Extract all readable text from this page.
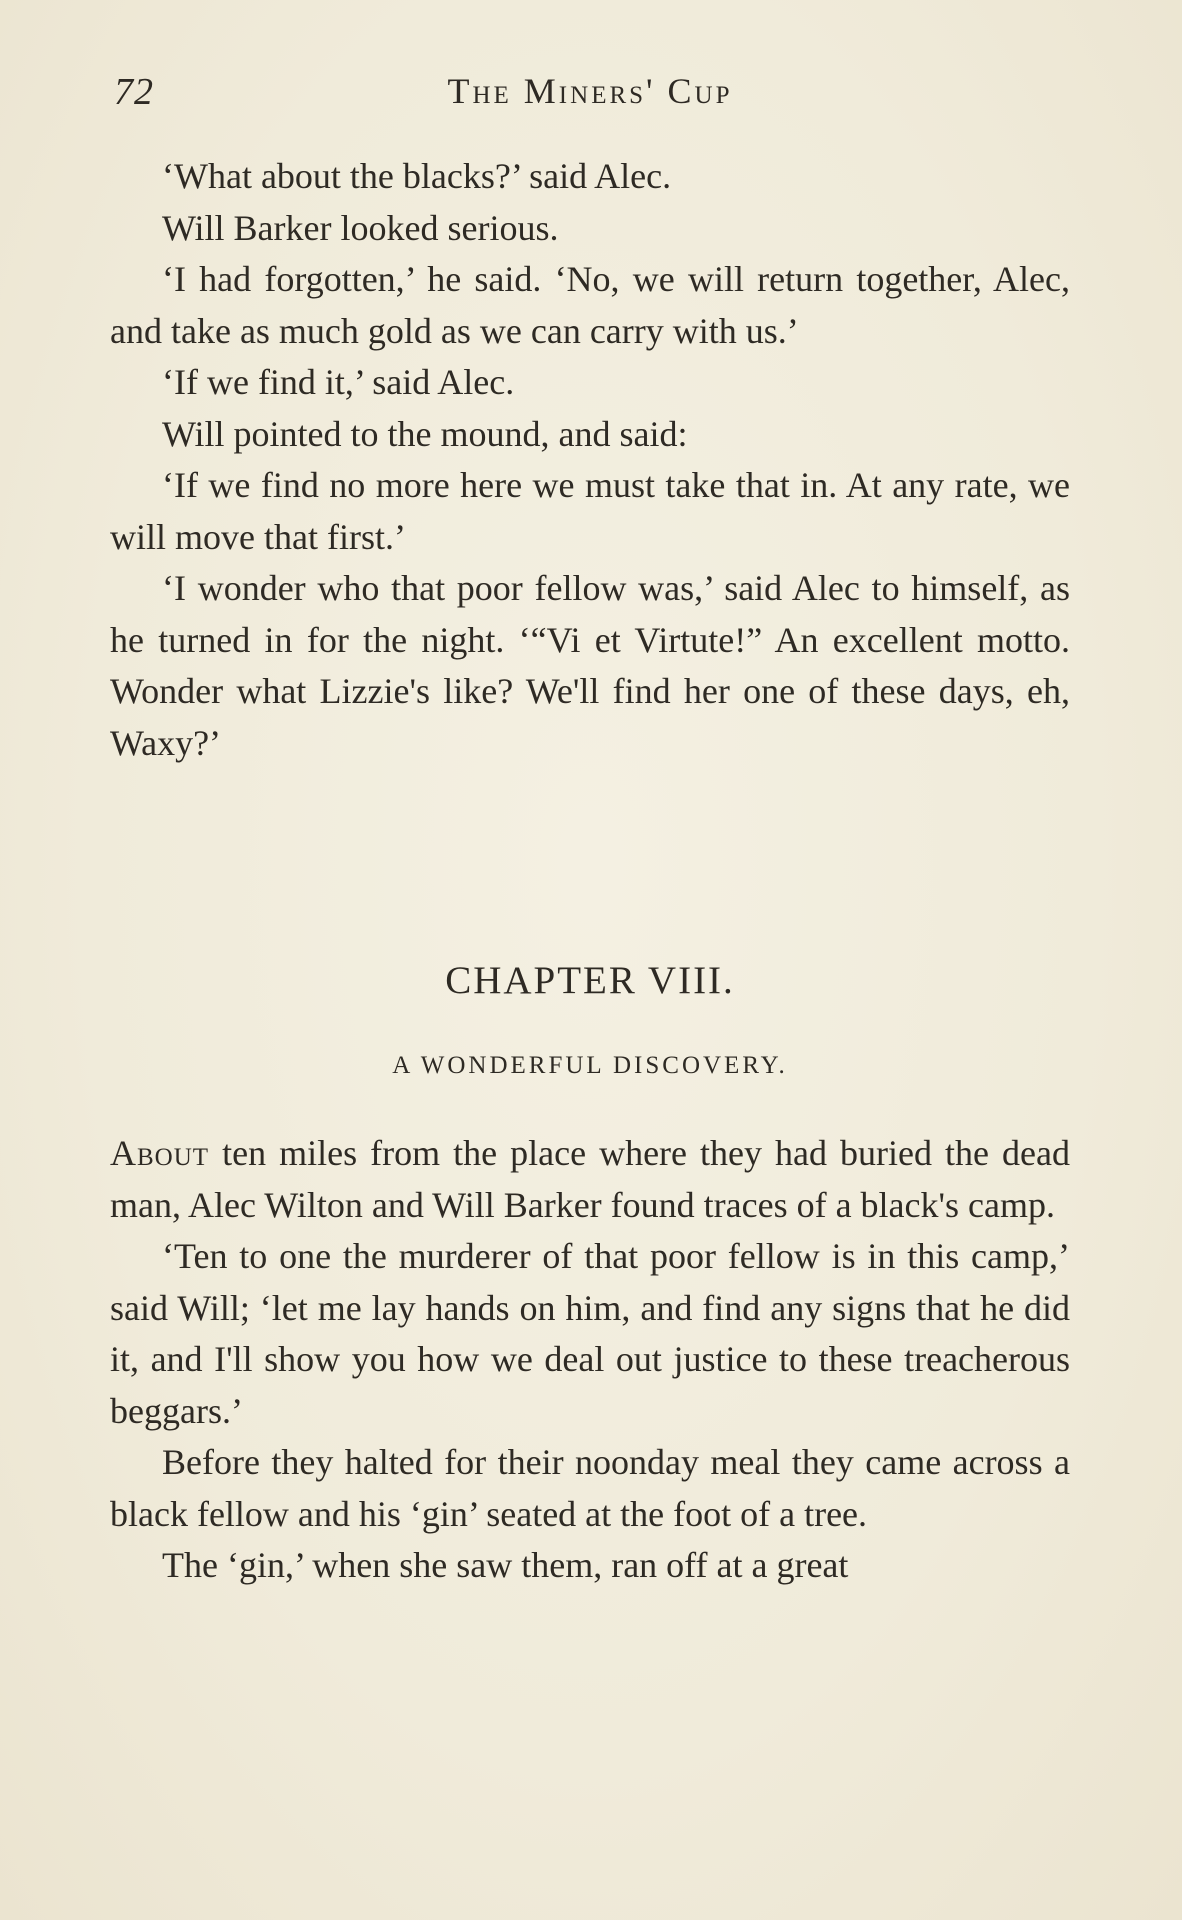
72	The Miners' Cup

‘What about the blacks?’ said Alec.

Will Barker looked serious.

‘I had forgotten,’ he said. ‘No, we will return together, Alec, and take as much gold as we can carry with us.’

‘If we find it,’ said Alec.

Will pointed to the mound, and said:

‘If we find no more here we must take that in. At any rate, we will move that first.’

‘I wonder who that poor fellow was,’ said Alec to himself, as he turned in for the night. ‘“Vi et Virtute!” An excellent motto. Wonder what Lizzie's like? We'll find her one of these days, eh, Waxy?’

CHAPTER VIII.
A WONDERFUL DISCOVERY.

About ten miles from the place where they had buried the dead man, Alec Wilton and Will Barker found traces of a black's camp.

‘Ten to one the murderer of that poor fellow is in this camp,’ said Will; ‘let me lay hands on him, and find any signs that he did it, and I'll show you how we deal out justice to these treacherous beggars.’

Before they halted for their noonday meal they came across a black fellow and his ‘gin’ seated at the foot of a tree.

The ‘gin,’ when she saw them, ran off at a great
